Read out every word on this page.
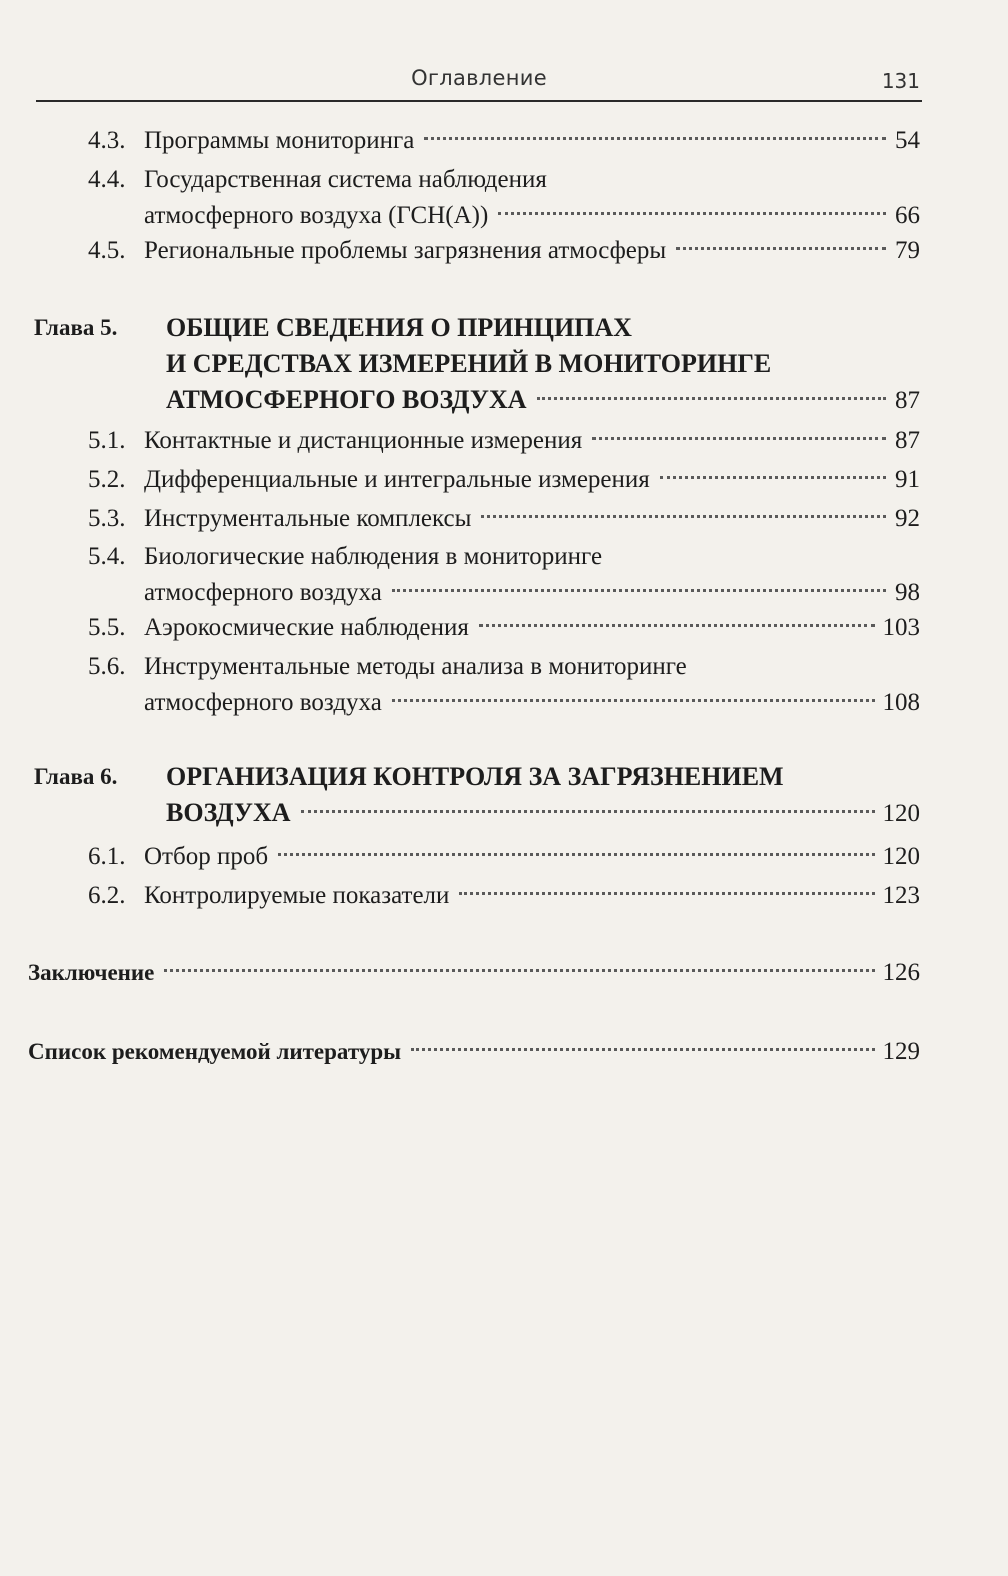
Оглавление	131
4.3. Программы мониторинга	54
4.4. Государственная система наблюдения
атмосферного воздуха (ГСН(А))	66
4.5. Региональные проблемы загрязнения атмосферы	79
Глава 5. ОБЩИЕ СВЕДЕНИЯ О ПРИНЦИПАХ
И СРЕДСТВАХ ИЗМЕРЕНИЙ В МОНИТОРИНГЕ
АТМОСФЕРНОГО ВОЗДУХА	87
5.1. Контактные и дистанционные измерения	87
5.2. Дифференциальные и интегральные измерения	91
5.3. Инструментальные комплексы	92
5.4. Биологические наблюдения в мониторинге
атмосферного воздуха	98
5.5. Аэрокосмические наблюдения	103
5.6. Инструментальные методы анализа в мониторинге
атмосферного воздуха	108
Глава 6. ОРГАНИЗАЦИЯ КОНТРОЛЯ ЗА ЗАГРЯЗНЕНИЕМ
ВОЗДУХА	120
6.1. Отбор проб	120
6.2. Контролируемые показатели	123
Заключение	126
Список рекомендуемой литературы	129
